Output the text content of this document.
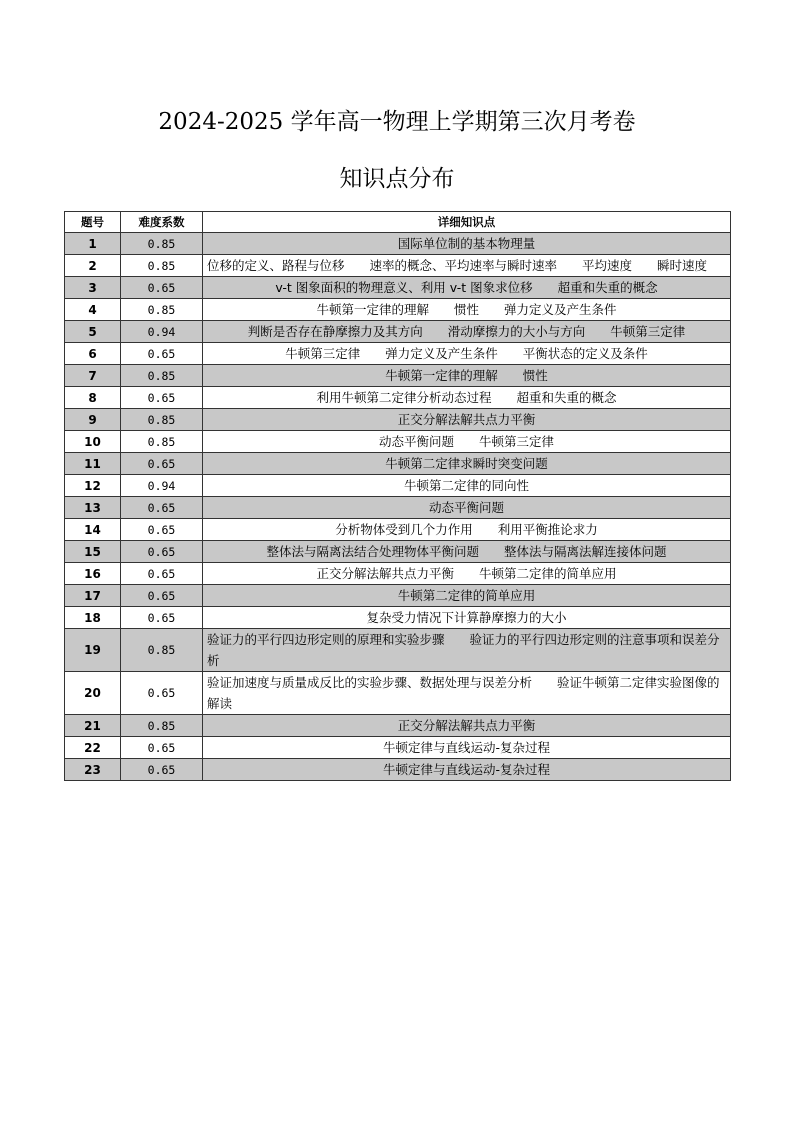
2024-2025 学年高一物理上学期第三次月考卷
知识点分布
题号	难度系数	详细知识点
1	0.85	国际单位制的基本物理量
2	0.85	位移的定义、路程与位移　　速率的概念、平均速率与瞬时速率　　平均速度　　瞬时速度
3	0.65	v-t 图象面积的物理意义、利用 v-t 图象求位移　　超重和失重的概念
4	0.85	牛顿第一定律的理解　　惯性　　弹力定义及产生条件
5	0.94	判断是否存在静摩擦力及其方向　　滑动摩擦力的大小与方向　　牛顿第三定律
6	0.65	牛顿第三定律　　弹力定义及产生条件　　平衡状态的定义及条件
7	0.85	牛顿第一定律的理解　　惯性
8	0.65	利用牛顿第二定律分析动态过程　　超重和失重的概念
9	0.85	正交分解法解共点力平衡
10	0.85	动态平衡问题　　牛顿第三定律
11	0.65	牛顿第二定律求瞬时突变问题
12	0.94	牛顿第二定律的同向性
13	0.65	动态平衡问题
14	0.65	分析物体受到几个力作用　　利用平衡推论求力
15	0.65	整体法与隔离法结合处理物体平衡问题　　整体法与隔离法解连接体问题
16	0.65	正交分解法解共点力平衡　　牛顿第二定律的简单应用
17	0.65	牛顿第二定律的简单应用
18	0.65	复杂受力情况下计算静摩擦力的大小
19	0.85	验证力的平行四边形定则的原理和实验步骤　　验证力的平行四边形定则的注意事项和误差分析
20	0.65	验证加速度与质量成反比的实验步骤、数据处理与误差分析　　验证牛顿第二定律实验图像的解读
21	0.85	正交分解法解共点力平衡
22	0.65	牛顿定律与直线运动-复杂过程
23	0.65	牛顿定律与直线运动-复杂过程
